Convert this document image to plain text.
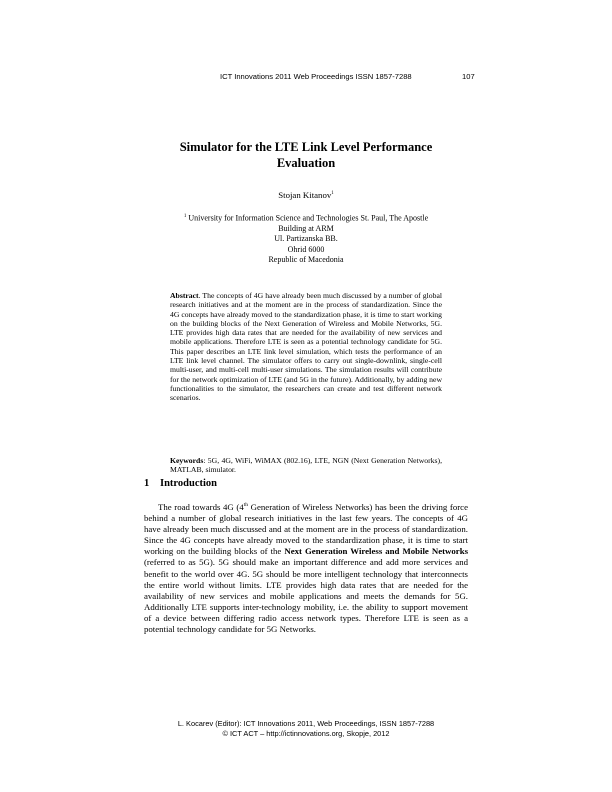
ICT Innovations 2011 Web Proceedings ISSN 1857-7288	107
Simulator for the LTE Link Level Performance
Evaluation
Stojan Kitanov$^1$
$^1$ University for Information Science and Technologies St. Paul, The Apostle
Building at ARM
Ul. Partizanska BB.
Ohrid 6000
Republic of Macedonia
Abstract. The concepts of 4G have already been much discussed by a number of global research initiatives and at the moment are in the process of standardization. Since the 4G concepts have already moved to the standardization phase, it is time to start working on the building blocks of the Next Generation of Wireless and Mobile Networks, 5G. LTE provides high data rates that are needed for the availability of new services and mobile applications. Therefore LTE is seen as a potential technology candidate for 5G. This paper describes an LTE link level simulation, which tests the performance of an LTE link level channel. The simulator offers to carry out single-downlink, single-cell multi-user, and multi-cell multi-user simulations. The simulation results will contribute for the network optimization of LTE (and 5G in the future). Additionally, by adding new functionalities to the simulator, the researchers can create and test different network scenarios.
Keywords: 5G, 4G, WiFi, WiMAX (802.16), LTE, NGN (Next Generation Networks), MATLAB, simulator.
1 Introduction

The road towards 4G (4th Generation of Wireless Networks) has been the driving force behind a number of global research initiatives in the last few years. The concepts of 4G have already been much discussed and at the moment are in the process of standardization. Since the 4G concepts have already moved to the standardization phase, it is time to start working on the building blocks of the Next Generation Wireless and Mobile Networks (referred to as 5G). 5G should make an important difference and add more services and benefit to the world over 4G. 5G should be more intelligent technology that interconnects the entire world without limits. LTE provides high data rates that are needed for the availability of new services and mobile applications and meets the demands for 5G. Additionally LTE supports inter-technology mobility, i.e. the ability to support movement of a device between differing radio access network types. Therefore LTE is seen as a potential technology candidate for 5G Networks.

L. Kocarev (Editor): ICT Innovations 2011, Web Proceedings, ISSN 1857-7288
© ICT ACT – http://ictinnovations.org, Skopje, 2012
